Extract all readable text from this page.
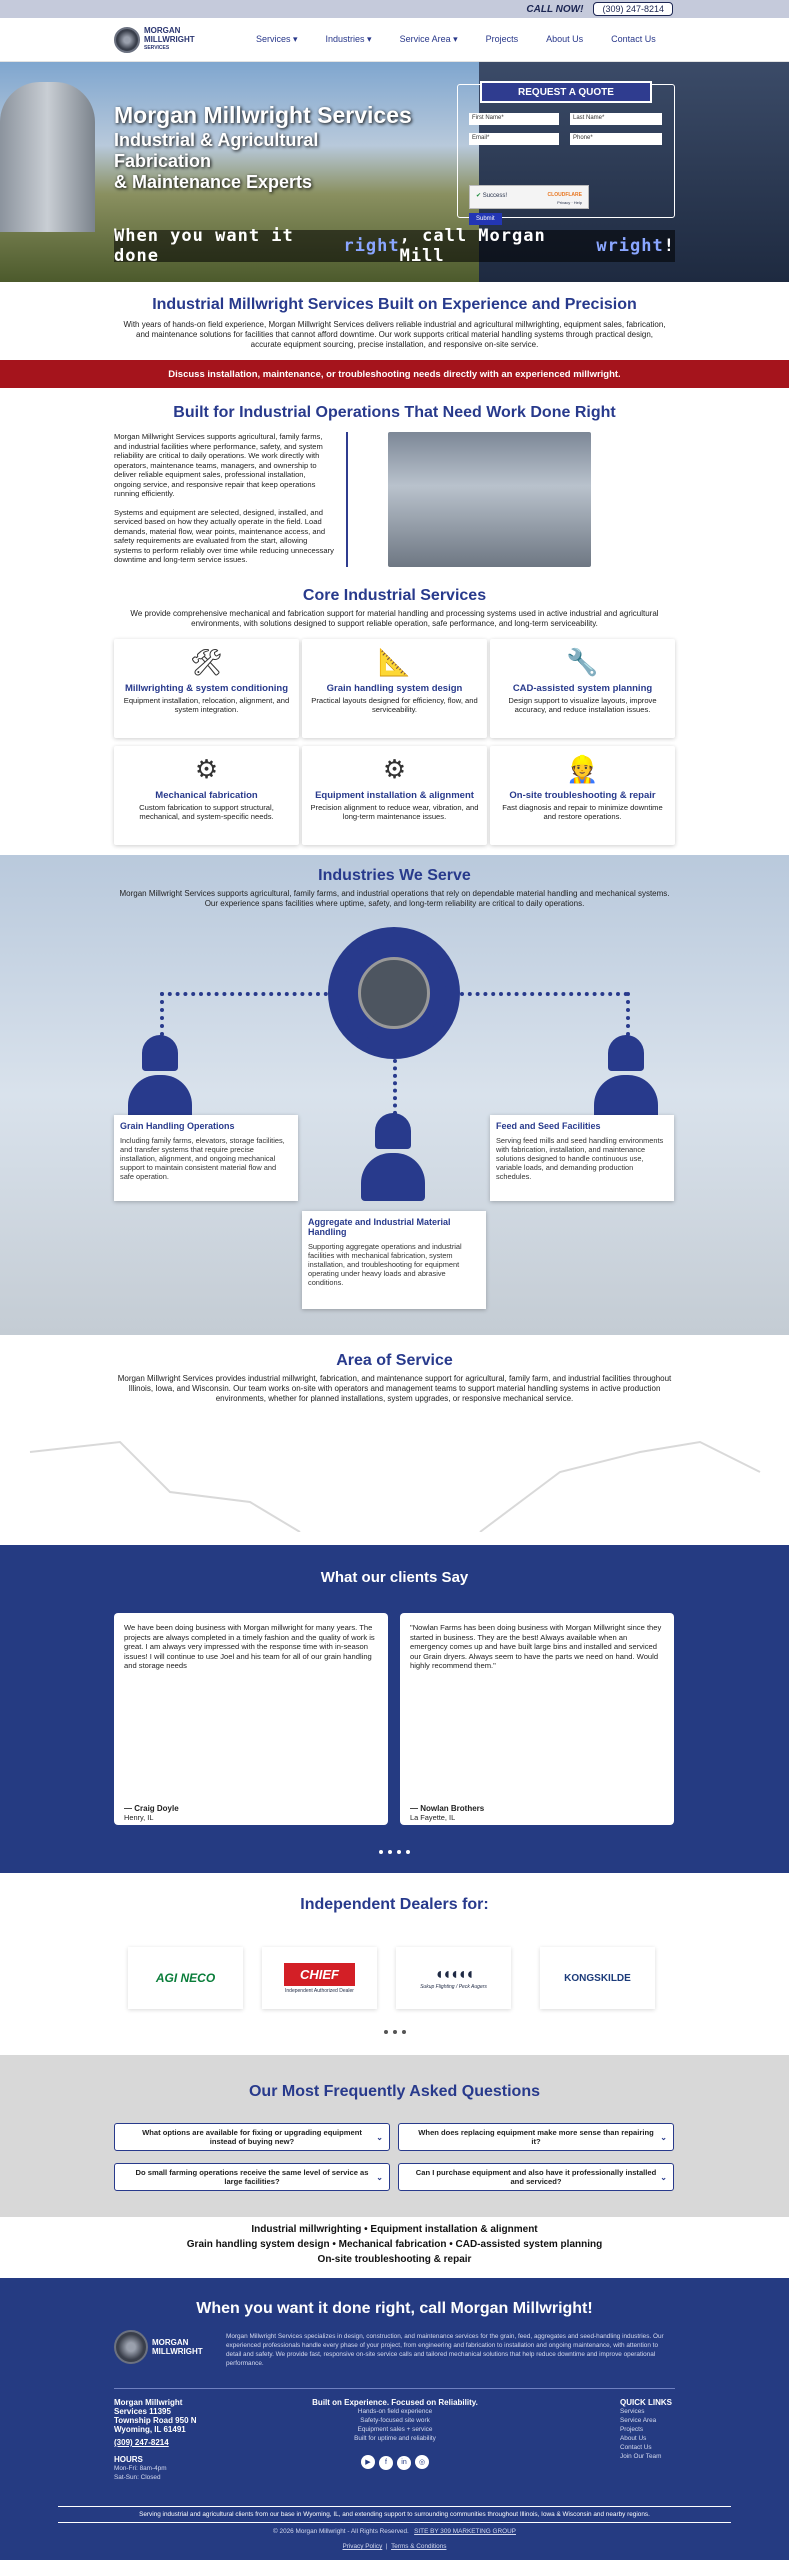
CALL NOW!	(309) 247-8214
MORGAN
MILLWRIGHT
SERVICES
Services ▾	Industries ▾	Service Area ▾	Projects	About Us	Contact Us
Morgan Millwright Services
Industrial & Agricultural
Fabrication
& Maintenance Experts
REQUEST A QUOTE
First Name*	Last Name*
Email*	Phone*
✔ Success!	CLOUDFLARE
Privacy · Help
Submit
When you want it done	right , call Morgan Mill	wright !
Industrial Millwright Services Built on Experience and Precision
With years of hands-on field experience, Morgan Millwright Services delivers reliable industrial and agricultural millwrighting, equipment sales, fabrication, and maintenance solutions for facilities that cannot afford downtime. Our work supports critical material handling systems through practical design, accurate equipment sourcing, precise installation, and responsive on-site service.
Discuss installation, maintenance, or troubleshooting needs directly with an experienced millwright.
Built for Industrial Operations That Need Work Done Right

Morgan Millwright Services supports agricultural, family farms, and industrial facilities where performance, safety, and system reliability are critical to daily operations. We work directly with operators, maintenance teams, managers, and ownership to deliver reliable equipment sales, professional installation, ongoing service, and responsive repair that keep operations running efficiently.

Systems and equipment are selected, designed, installed, and serviced based on how they actually operate in the field. Load demands, material flow, wear points, maintenance access, and safety requirements are evaluated from the start, allowing systems to perform reliably over time while reducing unnecessary downtime and long-term service issues.

Core Industrial Services
We provide comprehensive mechanical and fabrication support for material handling and processing systems used in active industrial and agricultural environments, with solutions designed to support reliable operation, safe performance, and long-term serviceability.
🛠
Millwrighting & system conditioning
Equipment installation, relocation, alignment, and system integration.
📐
Grain handling system design
Practical layouts designed for efficiency, flow, and serviceability.
🔧
CAD-assisted system planning
Design support to visualize layouts, improve accuracy, and reduce installation issues.
⚙
Mechanical fabrication
Custom fabrication to support structural, mechanical, and system-specific needs.
⚙
Equipment installation & alignment
Precision alignment to reduce wear, vibration, and long-term maintenance issues.
👷
On-site troubleshooting & repair
Fast diagnosis and repair to minimize downtime and restore operations.
Industries We Serve
Morgan Millwright Services supports agricultural, family farms, and industrial operations that rely on dependable material handling and mechanical systems. Our experience spans facilities where uptime, safety, and long-term reliability are critical to daily operations.
Grain Handling Operations
Including family farms, elevators, storage facilities, and transfer systems that require precise installation, alignment, and ongoing mechanical support to maintain consistent material flow and safe operation.
Feed and Seed Facilities
Serving feed mills and seed handling environments with fabrication, installation, and maintenance solutions designed to handle continuous use, variable loads, and demanding production schedules.
Aggregate and Industrial Material Handling
Supporting aggregate operations and industrial facilities with mechanical fabrication, system installation, and troubleshooting for equipment operating under heavy loads and abrasive conditions.
Area of Service
Morgan Millwright Services provides industrial millwright, fabrication, and maintenance support for agricultural, family farm, and industrial facilities throughout Illinois, Iowa, and Wisconsin. Our team works on-site with operators and management teams to support material handling systems in active production environments, whether for planned installations, system upgrades, or responsive mechanical service.
What our clients Say
We have been doing business with Morgan millwright for many years. The projects are always completed in a timely fashion and the quality of work is great. I am always very impressed with the response time with in-season issues! I will continue to use Joel and his team for all of our grain handling and storage needs
— Craig Doyle
Henry, IL
"Nowlan Farms has been doing business with Morgan Millwright since they started in business. They are the best! Always available when an emergency comes up and have built large bins and installed and serviced our Grain dryers. Always seem to have the parts we need on hand. Would highly recommend them."
— Nowlan Brothers
La Fayette, IL
Independent Dealers for:
AGI NECO	CHIEF
Independent Authorized Dealer
◖◖◖◖◖
Sukup Flighting / Peck Augers
KONGSKILDE
Our Most Frequently Asked Questions
What options are available for fixing or upgrading equipment instead of buying new?	⌄	When does replacing equipment make more sense than repairing it?	⌄
Do small farming operations receive the same level of service as large facilities?	⌄	Can I purchase equipment and also have it professionally installed and serviced?	⌄
Industrial millwrighting • Equipment installation & alignment
Grain handling system design • Mechanical fabrication • CAD-assisted system planning
On-site troubleshooting & repair
When you want it done right, call Morgan Millwright!
MORGAN
MILLWRIGHT
Morgan Millwright Services specializes in design, construction, and maintenance services for the grain, feed, aggregates and seed-handling industries. Our experienced professionals handle every phase of your project, from engineering and fabrication to installation and ongoing maintenance, with attention to detail and safety. We provide fast, responsive on-site service calls and tailored mechanical solutions that help reduce downtime and improve operational performance.
Morgan Millwright
Services 11395
Township Road 950 N
Wyoming, IL 61491
(309) 247-8214
HOURS
Mon-Fri: 8am-4pm
Sat-Sun: Closed
Built on Experience. Focused on Reliability.
Hands-on field experience
Safety-focused site work
Equipment sales + service
Built for uptime and reliability
▶ f in ◎
QUICK LINKS
Services
Service Area
Projects
About Us
Contact Us
Join Our Team
Serving industrial and agricultural clients from our base in Wyoming, IL, and extending support to surrounding communities throughout Illinois, Iowa & Wisconsin and nearby regions.
© 2026 Morgan Millwright - All Rights Reserved. SITE BY 309 MARKETING GROUP
Privacy Policy | Terms & Conditions
